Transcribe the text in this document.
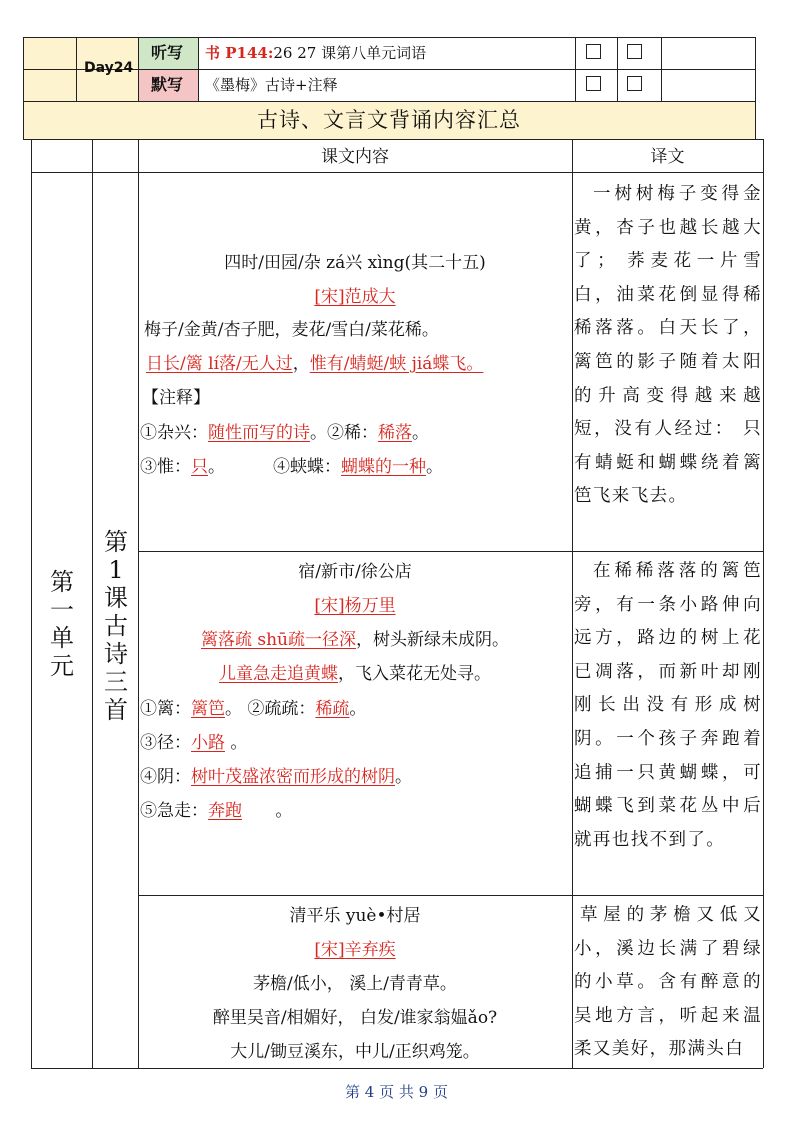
Day24
听写
默写
书 P144:26 27 课第八单元词语
《墨梅》古诗+注释
古诗、文言文背诵内容汇总
课文内容	译文
第一单元
第1课古诗三首
四时/田园/杂 zá兴 xìng(其二十五)
[宋]范成大
梅子/金黄/杏子肥，麦花/雪白/菜花稀。
日长/篱 lí落/无人过，惟有/蜻蜓/蛱 jiá蝶飞。
【注释】
①杂兴：随性而写的诗。②稀：稀落。
③惟：只。	④蛱蝶：蝴蝶的一种。
一树树梅子变得金黄，杏子也越长越大了； 荞麦花一片雪白，油菜花倒显得稀稀落落。白天长了， 篱笆的影子随着太阳的升高变得越来越短，没有人经过： 只有蜻蜓和蝴蝶绕着篱笆飞来飞去。
宿/新市/徐公店
[宋]杨万里
篱落疏 shū疏一径深，树头新绿未成阴。
儿童急走追黄蝶，飞入菜花无处寻。
①篱：篱笆。 ②疏疏：稀疏。
③径：小路 。
④阴：树叶茂盛浓密而形成的树阴。
⑤急走：奔跑 。
在稀稀落落的篱笆旁，有一条小路伸向远方，路边的树上花已凋落，而新叶却刚刚长出没有形成树阴。一个孩子奔跑着追捕一只黄蝴蝶，可蝴蝶飞到菜花丛中后就再也找不到了。
清平乐 yuè•村居
[宋]辛弃疾
茅檐/低小， 溪上/青青草。
醉里吴音/相媚好， 白发/谁家翁媪ǎo?
大儿/锄豆溪东，中儿/正织鸡笼。
草屋的茅檐又低又小，溪边长满了碧绿的小草。含有醉意的吴地方言，听起来温柔又美好，那满头白
第 4 页 共 9 页
